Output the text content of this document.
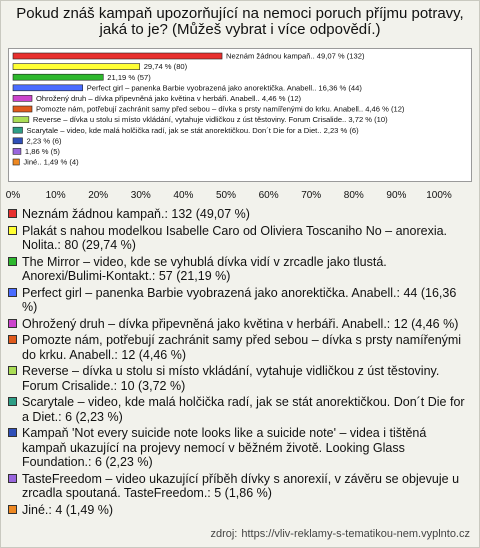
Pokud znáš kampaň upozorňující na nemoci poruch příjmu potravy,
jaká to je? (Můžeš vybrat i více odpovědí.)
Neznám žádnou kampaň.. 49,07 % (132)
29,74 % (80)
21,19 % (57)
Perfect girl – panenka Barbie vyobrazená jako anorektička. Anabell.. 16,36 % (44)
Ohrožený druh – dívka připevněná jako květina v herbáři. Anabell.. 4,46 % (12)
Pomozte nám, potřebují zachránit samy před sebou – dívka s prsty namířenými do krku. Anabell.. 4,46 % (12)
Reverse – dívka u stolu si místo vkládání, vytahuje vidličkou z úst těstoviny. Forum Crisalide.. 3,72 % (10)
Scarytale – video, kde malá holčička radí, jak se stát anorektičkou. Don´t Die for a Diet.. 2,23 % (6)
2,23 % (6)
1,86 % (5)
Jiné.. 1,49 % (4)
0%	10% 20% 30% 40% 50% 60% 70% 80% 90% 100%
Neznám žádnou kampaň.: 132 (49,07 %)
Plakát s nahou modelkou Isabelle Caro od Oliviera Toscaniho No – anorexia. Nolita.: 80 (29,74 %)
The Mirror – video, kde se vyhublá dívka vidí v zrcadle jako tlustá. Anorexi/Bulimi-Kontakt.: 57 (21,19 %)
Perfect girl – panenka Barbie vyobrazená jako anorektička. Anabell.: 44 (16,36 %)
Ohrožený druh – dívka připevněná jako květina v herbáři. Anabell.: 12 (4,46 %)
Pomozte nám, potřebují zachránit samy před sebou – dívka s prsty namířenými do krku. Anabell.: 12 (4,46 %)
Reverse – dívka u stolu si místo vkládání, vytahuje vidličkou z úst těstoviny. Forum Crisalide.: 10 (3,72 %)
Scarytale – video, kde malá holčička radí, jak se stát anorektičkou. Don´t Die for a Diet.: 6 (2,23 %)
Kampaň 'Not every suicide note looks like a suicide note' – videa i tištěná kampaň ukazující na projevy nemocí v běžném životě. Looking Glass Foundation.: 6 (2,23 %)
TasteFreedom – video ukazující příběh dívky s anorexií, v závěru se objevuje u zrcadla spoutaná. TasteFreedom.: 5 (1,86 %)
Jiné.: 4 (1,49 %)
zdroj: https://vliv-reklamy-s-tematikou-nem.vyplnto.cz
